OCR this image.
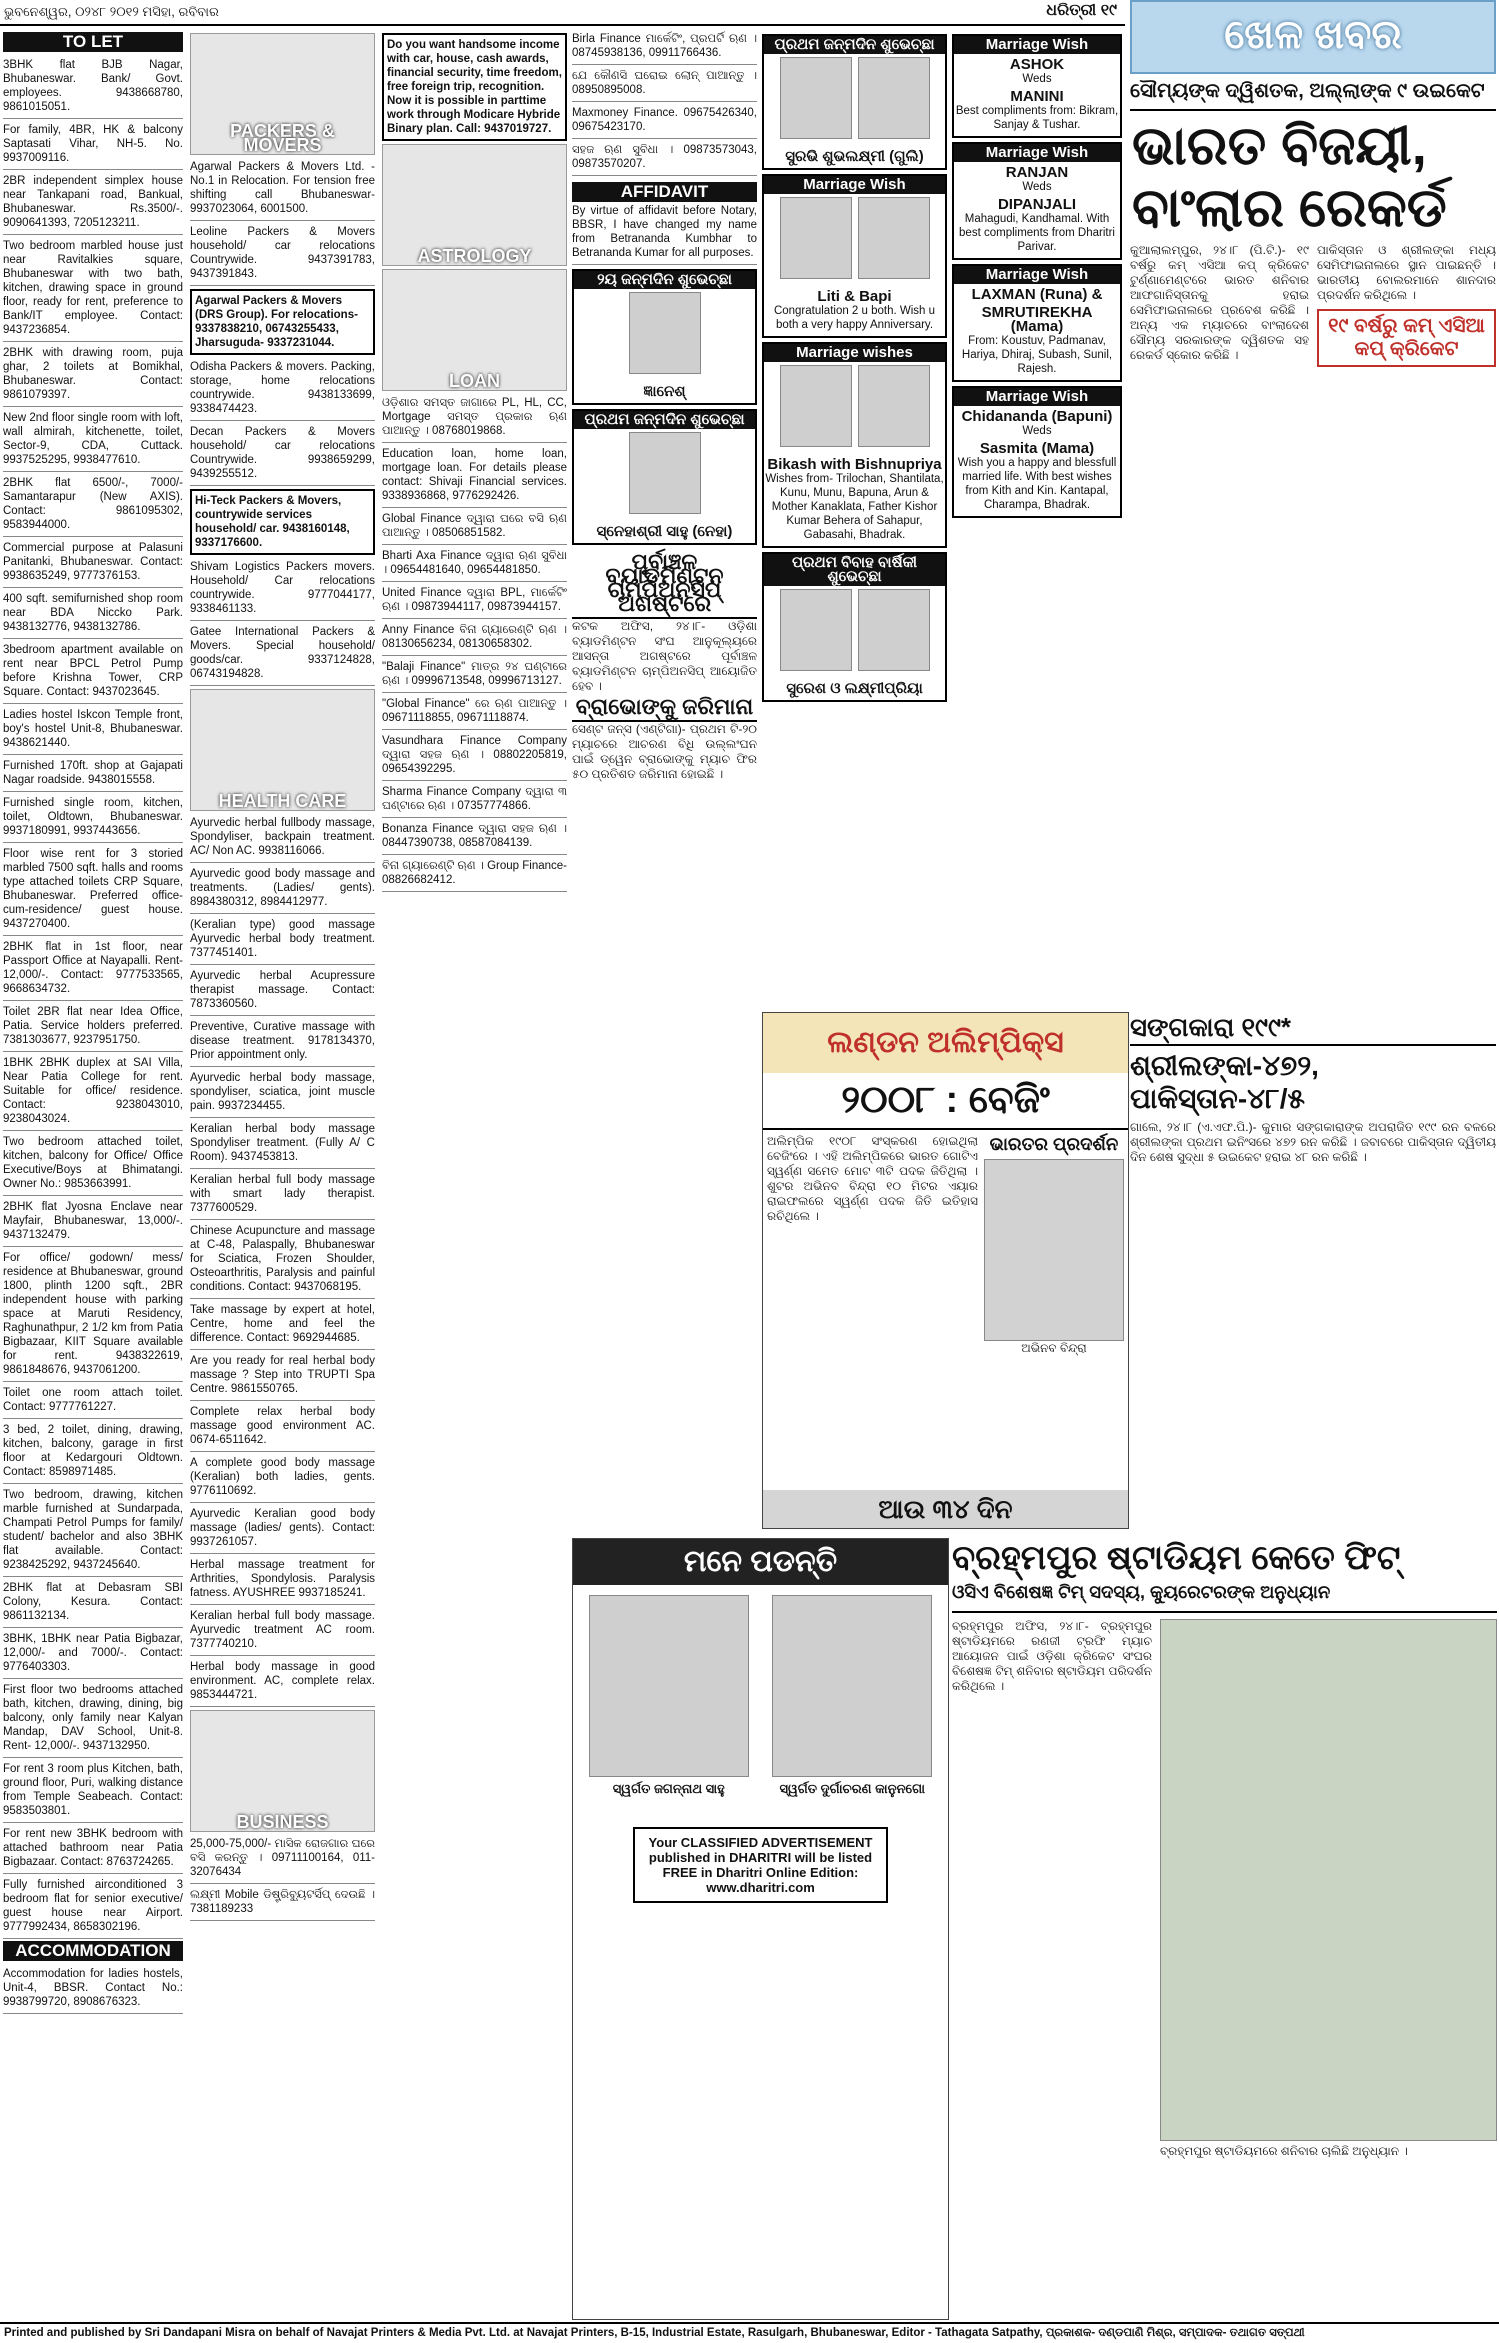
ଭୁବନେଶ୍ୱର, ୦୨୪୮ ୨୦୧୨ ମସିହା, ରବିବାର	ଧରିତ୍ରୀ ୧୯
TO LET
3BHK flat BJB Nagar, Bhubaneswar. Bank/ Govt. employees. 9438668780, 9861015051.
For family, 4BR, HK & balcony Saptasati Vihar, NH-5. No. 9937009116.
2BR independent simplex house near Tankapani road, Bankual, Bhubaneswar. Rs.3500/-. 9090641393, 7205123211.
Two bedroom marbled house just near Ravitalkies square, Bhubaneswar with two bath, kitchen, drawing space in ground floor, ready for rent, preference to Bank/IT employee. Contact: 9437236854.
2BHK with drawing room, puja ghar, 2 toilets at Bomikhal, Bhubaneswar. Contact: 9861079397.
New 2nd floor single room with loft, wall almirah, kitchenette, toilet, Sector-9, CDA, Cuttack. 9937525295, 9938477610.
2BHK flat 6500/-, 7000/- Samantarapur (New AXIS). Contact: 9861095302, 9583944000.
Commercial purpose at Palasuni Panitanki, Bhubaneswar. Contact: 9938635249, 9777376153.
400 sqft. semifurnished shop room near BDA Niccko Park. 9438132776, 9438132786.
3bedroom apartment available on rent near BPCL Petrol Pump before Krishna Tower, CRP Square. Contact: 9437023645.
Ladies hostel Iskcon Temple front, boy's hostel Unit-8, Bhubaneswar. 9438621440.
Furnished 170ft. shop at Gajapati Nagar roadside. 9438015558.
Furnished single room, kitchen, toilet, Oldtown, Bhubaneswar. 9937180991, 9937443656.
Floor wise rent for 3 storied marbled 7500 sqft. halls and rooms type attached toilets CRP Square, Bhubaneswar. Preferred office-cum-residence/ guest house. 9437270400.
2BHK flat in 1st floor, near Passport Office at Nayapalli. Rent- 12,000/-. Contact: 9777533565, 9668634732.
Toilet 2BR flat near Idea Office, Patia. Service holders preferred. 7381303677, 9237951750.
1BHK 2BHK duplex at SAI Villa, Near Patia College for rent. Suitable for office/ residence. Contact: 9238043010, 9238043024.
Two bedroom attached toilet, kitchen, balcony for Office/ Office Executive/Boys at Bhimatangi. Owner No.: 9853663991.
2BHK flat Jyosna Enclave near Mayfair, Bhubaneswar, 13,000/-. 9437132479.
For office/ godown/ mess/ residence at Bhubaneswar, ground 1800, plinth 1200 sqft., 2BR independent house with parking space at Maruti Residency, Raghunathpur, 2 1/2 km from Patia Bigbazaar, KIIT Square available for rent. 9438322619, 9861848676, 9437061200.
Toilet one room attach toilet. Contact: 9777761227.
3 bed, 2 toilet, dining, drawing, kitchen, balcony, garage in first floor at Kedargouri Oldtown. Contact: 8598971485.
Two bedroom, drawing, kitchen marble furnished at Sundarpada, Champati Petrol Pumps for family/ student/ bachelor and also 3BHK flat available. Contact: 9238425292, 9437245640.
2BHK flat at Debasram SBI Colony, Kesura. Contact: 9861132134.
3BHK, 1BHK near Patia Bigbazar, 12,000/- and 7000/-. Contact: 9776403303.
First floor two bedrooms attached bath, kitchen, drawing, dining, big balcony, only family near Kalyan Mandap, DAV School, Unit-8. Rent- 12,000/-. 9437132950.
For rent 3 room plus Kitchen, bath, ground floor, Puri, walking distance from Temple Seabeach. Contact: 9583503801.
For rent new 3BHK bedroom with attached bathroom near Patia Bigbazaar. Contact: 8763724265.
Fully furnished airconditioned 3 bedroom flat for senior executive/ guest house near Airport. 9777992434, 8658302196.
ACCOMMODATION
Accommodation for ladies hostels, Unit-4, BBSR. Contact No.: 9938799720, 8908676323.
PACKERS & MOVERS
Agarwal Packers & Movers Ltd. - No.1 in Relocation. For tension free shifting call Bhubaneswar- 9937023064, 6001500.
Leoline Packers & Movers household/ car relocations Countrywide. 9437391783, 9437391843.
Agarwal Packers & Movers (DRS Group). For relocations- 9337838210, 06743255433, Jharsuguda- 9337231044.
Odisha Packers & movers. Packing, storage, home relocations countrywide. 9438133699, 9338474423.
Decan Packers & Movers household/ car relocations Countrywide. 9938659299, 9439255512.
Hi-Teck Packers & Movers, countrywide services household/ car. 9438160148, 9337176600.
Shivam Logistics Packers movers. Household/ Car relocations countrywide. 9777044177, 9338461133.
Gatee International Packers & Movers. Special household/ goods/car. 9337124828, 06743194828.
HEALTH CARE
Ayurvedic herbal fullbody massage, Spondyliser, backpain treatment. AC/ Non AC. 9938116066.
Ayurvedic good body massage and treatments. (Ladies/ gents). 8984380312, 8984412977.
(Keralian type) good massage Ayurvedic herbal body treatment. 7377451401.
Ayurvedic herbal Acupressure therapist massage. Contact: 7873360560.
Preventive, Curative massage with disease treatment. 9178134370, Prior appointment only.
Ayurvedic herbal body massage, spondyliser, sciatica, joint muscle pain. 9937234455.
Keralian herbal body massage Spondyliser treatment. (Fully A/ C Room). 9437453813.
Keralian herbal full body massage with smart lady therapist. 7377600529.
Chinese Acupuncture and massage at C-48, Palaspally, Bhubaneswar for Sciatica, Frozen Shoulder, Osteoarthritis, Paralysis and painful conditions. Contact: 9437068195.
Take massage by expert at hotel, Centre, home and feel the difference. Contact: 9692944685.
Are you ready for real herbal body massage ? Step into TRUPTI Spa Centre. 9861550765.
Complete relax herbal body massage good environment AC. 0674-6511642.
A complete good body massage (Keralian) both ladies, gents. 9776110692.
Ayurvedic Keralian good body massage (ladies/ gents). Contact: 9937261057.
Herbal massage treatment for Arthrities, Spondylosis. Paralysis fatness. AYUSHREE 9937185241.
Keralian herbal full body massage. Ayurvedic treatment AC room. 7377740210.
Herbal body massage in good environment. AC, complete relax. 9853444721.
BUSINESS
25,000-75,000/- ମାସିକ ରୋଜଗାର ଘରେ ବସି କରନ୍ତୁ । 09711100164, 011-32076434
ଲକ୍ଷ୍ମୀ Mobile ଡିଷ୍ଟ୍ରିବ୍ୟୁଟର୍ସିପ୍ ଦେଉଛି । 7381189233
Do you want handsome income with car, house, cash awards, financial security, time freedom, free foreign trip, recognition. Now it is possible in parttime work through Modicare Hybride Binary plan. Call: 9437019727.
ASTROLOGY
LOAN
ଓଡ଼ିଶାର ସମସ୍ତ ଜାଗାରେ PL, HL, CC, Mortgage ସମସ୍ତ ପ୍ରକାର ଋଣ ପାଆନ୍ତୁ । 08768019868.
Education loan, home loan, mortgage loan. For details please contact: Shivaji Financial services. 9338936868, 9776292426.
Global Finance ଦ୍ୱାରା ଘରେ ବସି ଋଣ ପାଆନ୍ତୁ । 08506851582.
Bharti Axa Finance ଦ୍ୱାରା ଋଣ ସୁବିଧା । 09654481640, 09654481850.
United Finance ଦ୍ୱାରା BPL, ମାର୍କେଟିଂ ଋଣ । 09873944117, 09873944157.
Anny Finance ବିନା ଗ୍ୟାରେଣ୍ଟି ଋଣ । 08130656234, 08130658302.
"Balaji Finance" ମାତ୍ର ୨୪ ଘଣ୍ଟାରେ ଋଣ । 09996713548, 09996713127.
"Global Finance" ରେ ଋଣ ପାଆନ୍ତୁ । 09671118855, 09671118874.
Vasundhara Finance Company ଦ୍ୱାରା ସହଜ ଋଣ । 08802205819, 09654392295.
Sharma Finance Company ଦ୍ୱାରା ୩ ଘଣ୍ଟାରେ ଋଣ । 07357774866.
Bonanza Finance ଦ୍ୱାରା ସହଜ ଋଣ । 08447390738, 08587084139.
ବିନା ଗ୍ୟାରେଣ୍ଟି ଋଣ । Group Finance- 08826682412.
Birla Finance ମାର୍କେଟିଂ, ପ୍ରପର୍ଟି ଋଣ । 08745938136, 09911766436.
ଯେ କୌଣସି ଘରୋଇ ଲୋନ୍ ପାଆନ୍ତୁ । 08950895008.
Maxmoney Finance. 09675426340, 09675423170.
ସହଜ ଋଣ ସୁବିଧା । 09873573043, 09873570207.
AFFIDAVIT
By virtue of affidavit before Notary, BBSR, I have changed my name from Betrananda Kumbhar to Betrananda Kumar for all purposes.
୨ୟ ଜନ୍ମଦିନ ଶୁଭେଚ୍ଛା
ଜ୍ଞାନେଶ୍
ପ୍ରଥମ ଜନ୍ମଦିନ ଶୁଭେଚ୍ଛା
ସ୍ନେହାଶ୍ରୀ ସାହୁ (ନେହା)
ପୂର୍ବାଞ୍ଚଳ ବ୍ୟାଡମିଣ୍ଟନ ଚାମ୍ପିଅନସିପ୍ ଅଗଷ୍ଟରେ
କଟକ ଅଫିସ, ୨୪।୮- ଓଡ଼ିଶା ବ୍ୟାଡମିଣ୍ଟନ ସଂଘ ଆନୁକୂଲ୍ୟରେ ଆସନ୍ତା ଅଗଷ୍ଟରେ ପୂର୍ବାଞ୍ଚଳ ବ୍ୟାଡମିଣ୍ଟନ ଚାମ୍ପିଅନସିପ୍ ଆୟୋଜିତ ହେବ ।
ବ୍ରାଭୋଙ୍କୁ ଜରିମାନା
ସେଣ୍ଟ ଜନ୍ସ (ଏଣ୍ଟିଗା)- ପ୍ରଥମ ଟି-୨୦ ମ୍ୟାଚରେ ଆଚରଣ ବିଧି ଉଲ୍ଲଂଘନ ପାଇଁ ଡ୍ୱେନ ବ୍ରାଭୋଙ୍କୁ ମ୍ୟାଚ ଫିର ୫୦ ପ୍ରତିଶତ ଜରିମାନା ହୋଇଛି ।
ପ୍ରଥମ ଜନ୍ମଦିନ ଶୁଭେଚ୍ଛା
ସୁରଭି ଶୁଭଲକ୍ଷ୍ମୀ (ଗୁଲି)
Marriage Wish
Liti & Bapi
Congratulation 2 u both. Wish u both a very happy Anniversary.
Marriage wishes
Bikash with Bishnupriya
Wishes from- Trilochan, Shantilata, Kunu, Munu, Bapuna, Arun & Mother Kanaklata, Father Kishor Kumar Behera of Sahapur, Gabasahi, Bhadrak.
ପ୍ରଥମ ବିବାହ ବାର୍ଷିକୀ ଶୁଭେଚ୍ଛା
ସୁରେଶ ଓ ଲକ୍ଷ୍ମୀପ୍ରିୟା
Marriage Wish
ASHOK
Weds
MANINI
Best compliments from: Bikram, Sanjay & Tushar.
Marriage Wish
RANJAN
Weds
DIPANJALI
Mahagudi, Kandhamal. With best compliments from Dharitri Parivar.
Marriage Wish
LAXMAN (Runa) &
SMRUTIREKHA (Mama)
From: Koustuv, Padmanav, Hariya, Dhiraj, Subash, Sunil, Rajesh.
Marriage Wish
Chidananda (Bapuni)
Weds
Sasmita (Mama)
Wish you a happy and blessfull married life. With best wishes from Kith and Kin. Kantapal, Charampa, Bhadrak.
ଲଣ୍ଡନ ଅଲିମ୍ପିକ୍ସ
୨୦୦୮ : ବେଜିଂ
ଅଲିମ୍ପିକ ୧୯୦୮ ସଂସ୍କରଣ ହୋଇଥିଲା ବେଜିଂରେ । ଏହି ଅଲିମ୍ପିକରେ ଭାରତ ଗୋଟିଏ ସ୍ୱର୍ଣ୍ଣ ସମେତ ମୋଟ ୩ଟି ପଦକ ଜିତିଥିଲା । ଶୁଟର ଅଭିନବ ବିନ୍ଦ୍ରା ୧୦ ମିଟର ଏୟାର ରାଇଫଲରେ ସ୍ୱର୍ଣ୍ଣ ପଦକ ଜିତି ଇତିହାସ ରଚିଥିଲେ ।
ଭାରତର ପ୍ରଦର୍ଶନ
ଅଭିନବ ବିନ୍ଦ୍ରା
ଆଉ ୩୪ ଦିନ
ମନେ ପଡନ୍ତି
ସ୍ୱର୍ଗତ ଜଗନ୍ନାଥ ସାହୁ	ସ୍ୱର୍ଗତ ଦୁର୍ଗାଚରଣ କାନୁନଗୋ
Your CLASSIFIED ADVERTISEMENT published in DHARITRI will be listed FREE in Dharitri Online Edition: www.dharitri.com
ଖେଳ ଖବର
ସୌମ୍ୟଙ୍କ ଦ୍ୱିଶତକ, ଅଲ୍ଲାଙ୍କ ୯ ଉଇକେଟ
ଭାରତ ବିଜୟୀ, ବାଂଲାର ରେକର୍ଡ
କୁଆଲାଲମ୍ପୁର, ୨୪।୮ (ପି.ଟି.)- ୧୯ ବର୍ଷରୁ କମ୍ ଏସିଆ କପ୍ କ୍ରିକେଟ ଟୁର୍ଣ୍ଣାମେଣ୍ଟରେ ଭାରତ ଶନିବାର ଆଫଗାନିସ୍ତାନକୁ ହରାଇ ସେମିଫାଇନାଲରେ ପ୍ରବେଶ କରିଛି । ଅନ୍ୟ ଏକ ମ୍ୟାଚରେ ବାଂଲାଦେଶ ସୌମ୍ୟ ସରକାରଙ୍କ ଦ୍ୱିଶତକ ସହ ରେକର୍ଡ ସ୍କୋର କରିଛି ।
ପାକିସ୍ତାନ ଓ ଶ୍ରୀଲଙ୍କା ମଧ୍ୟ ସେମିଫାଇନାଲରେ ସ୍ଥାନ ପାଇଛନ୍ତି । ଭାରତୀୟ ବୋଲରମାନେ ଶାନଦାର ପ୍ରଦର୍ଶନ କରିଥିଲେ ।
୧୯ ବର୍ଷରୁ କମ୍ ଏସିଆ କପ୍ କ୍ରିକେଟ
ସଙ୍ଗକାରା ୧୯୯*
ଶ୍ରୀଲଙ୍କା-୪୭୨, ପାକିସ୍ତାନ-୪୮/୫
ଗାଲେ, ୨୪।୮ (ଏ.ଏଫ.ପି.)- କୁମାର ସଙ୍ଗକାରାଙ୍କ ଅପରାଜିତ ୧୯୯ ରନ ବଳରେ ଶ୍ରୀଲଙ୍କା ପ୍ରଥମ ଇନିଂସରେ ୪୭୨ ରନ କରିଛି । ଜବାବରେ ପାକିସ୍ତାନ ଦ୍ୱିତୀୟ ଦିନ ଶେଷ ସୁଦ୍ଧା ୫ ଉଇକେଟ ହରାଇ ୪୮ ରନ କରିଛି ।
ବ୍ରହ୍ମପୁର ଷ୍ଟାଡିୟମ କେତେ ଫିଟ୍
ଓସିଏ ବିଶେଷଜ୍ଞ ଟିମ୍ ସଦସ୍ୟ, କ୍ୟୁରେଟରଙ୍କ ଅନୁଧ୍ୟାନ
ବ୍ରହ୍ମପୁର ଅଫିସ, ୨୪।୮- ବ୍ରହ୍ମପୁର ଷ୍ଟାଡିୟମରେ ରଣଜୀ ଟ୍ରଫି ମ୍ୟାଚ ଆୟୋଜନ ପାଇଁ ଓଡ଼ିଶା କ୍ରିକେଟ ସଂଘର ବିଶେଷଜ୍ଞ ଟିମ୍ ଶନିବାର ଷ୍ଟାଡିୟମ ପରିଦର୍ଶନ କରିଥିଲେ ।
ବ୍ରହ୍ମପୁର ଷ୍ଟାଡିୟମରେ ଶନିବାର ଚାଲିଛି ଅନୁଧ୍ୟାନ ।
Printed and published by Sri Dandapani Misra on behalf of Navajat Printers & Media Pvt. Ltd. at Navajat Printers, B-15, Industrial Estate, Rasulgarh, Bhubaneswar, Editor - Tathagata Satpathy, ପ୍ରକାଶକ- ଦଣ୍ଡପାଣି ମିଶ୍ର, ସମ୍ପାଦକ- ତଥାଗତ ସତ୍ପଥୀ
